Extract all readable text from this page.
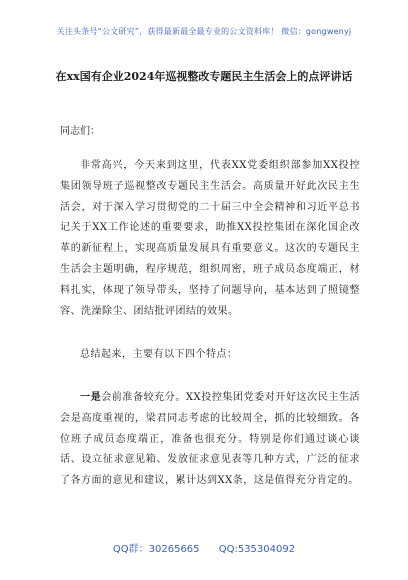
关注头条号“公文研究”，获得最新最全最专业的公文资料库！ 微信：gongwenyj
在xx国有企业2024年巡视整改专题民主生活会上的点评讲话
同志们：

非常高兴，今天来到这里，代表XX党委组织部参加XX投控集团领导班子巡视整改专题民主生活会。高质量开好此次民主生活会，对于深入学习贯彻党的二十届三中全会精神和习近平总书记关于XX工作论述的重要要求，助推XX投控集团在深化国企改革的新征程上，实现高质量发展具有重要意义。这次的专题民主生活会主题明确，程序规范，组织周密，班子成员态度端正，材料扎实，体现了领导带头，坚持了问题导向，基本达到了照镜整容、洗澡除尘、团结批评团结的效果。

总结起来，主要有以下四个特点：

一是会前准备较充分。XX投控集团党委对开好这次民主生活会是高度重视的，梁君同志考虑的比较周全，抓的比较细致。各位班子成员态度端正，准备也很充分。特别是你们通过谈心谈话、设立征求意见箱、发放征求意见表等几种方式，广泛的征求了各方面的意见和建议，累计达到XX条，这是值得充分肯定的。

QQ群：30265665 QQ:535304092
